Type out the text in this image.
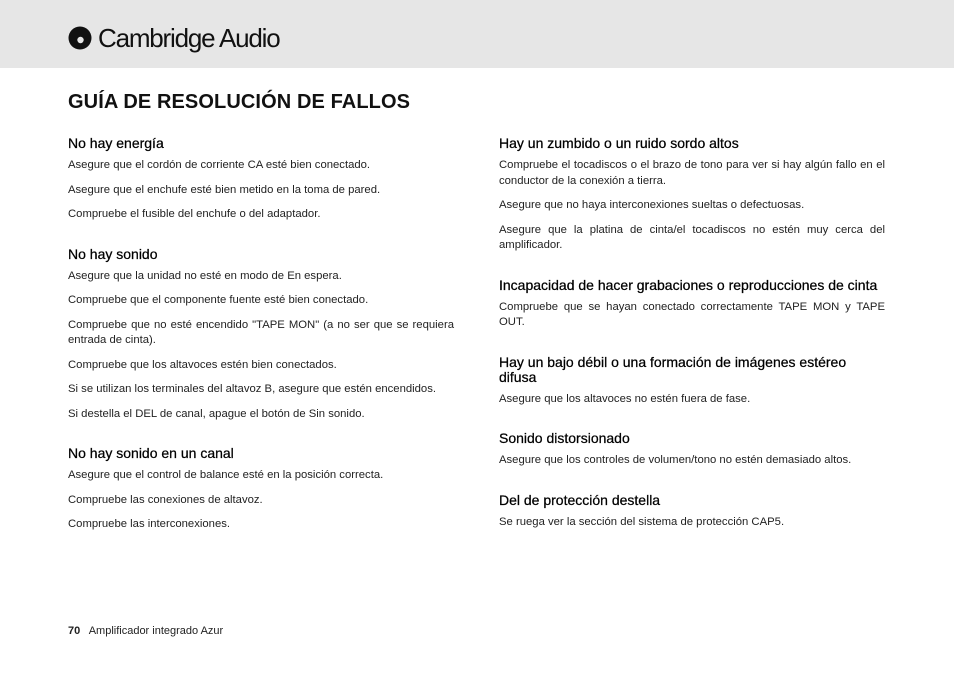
Cambridge Audio
GUÍA DE RESOLUCIÓN DE FALLOS
No hay energía

Asegure que el cordón de corriente CA esté bien conectado.

Asegure que el enchufe esté bien metido en la toma de pared.

Compruebe el fusible del enchufe o del adaptador.

No hay sonido

Asegure que la unidad no esté en modo de En espera.

Compruebe que el componente fuente esté bien conectado.

Compruebe que no esté encendido "TAPE MON" (a no ser que se requiera entrada de cinta).

Compruebe que los altavoces estén bien conectados.

Si se utilizan los terminales del altavoz B, asegure que estén encendidos.

Si destella el DEL de canal, apague el botón de Sin sonido.

No hay sonido en un canal

Asegure que el control de balance esté en la posición correcta.

Compruebe las conexiones de altavoz.

Compruebe las interconexiones.

Hay un zumbido o un ruido sordo altos

Compruebe el tocadiscos o el brazo de tono para ver si hay algún fallo en el conductor de la conexión a tierra.

Asegure que no haya interconexiones sueltas o defectuosas.

Asegure que la platina de cinta/el tocadiscos no estén muy cerca del amplificador.

Incapacidad de hacer grabaciones o reproducciones de cinta

Compruebe que se hayan conectado correctamente TAPE MON y TAPE OUT.

Hay un bajo débil o una formación de imágenes estéreo difusa

Asegure que los altavoces no estén fuera de fase.

Sonido distorsionado

Asegure que los controles de volumen/tono no estén demasiado altos.

Del de protección destella

Se ruega ver la sección del sistema de protección CAP5.

70 Amplificador integrado Azur
